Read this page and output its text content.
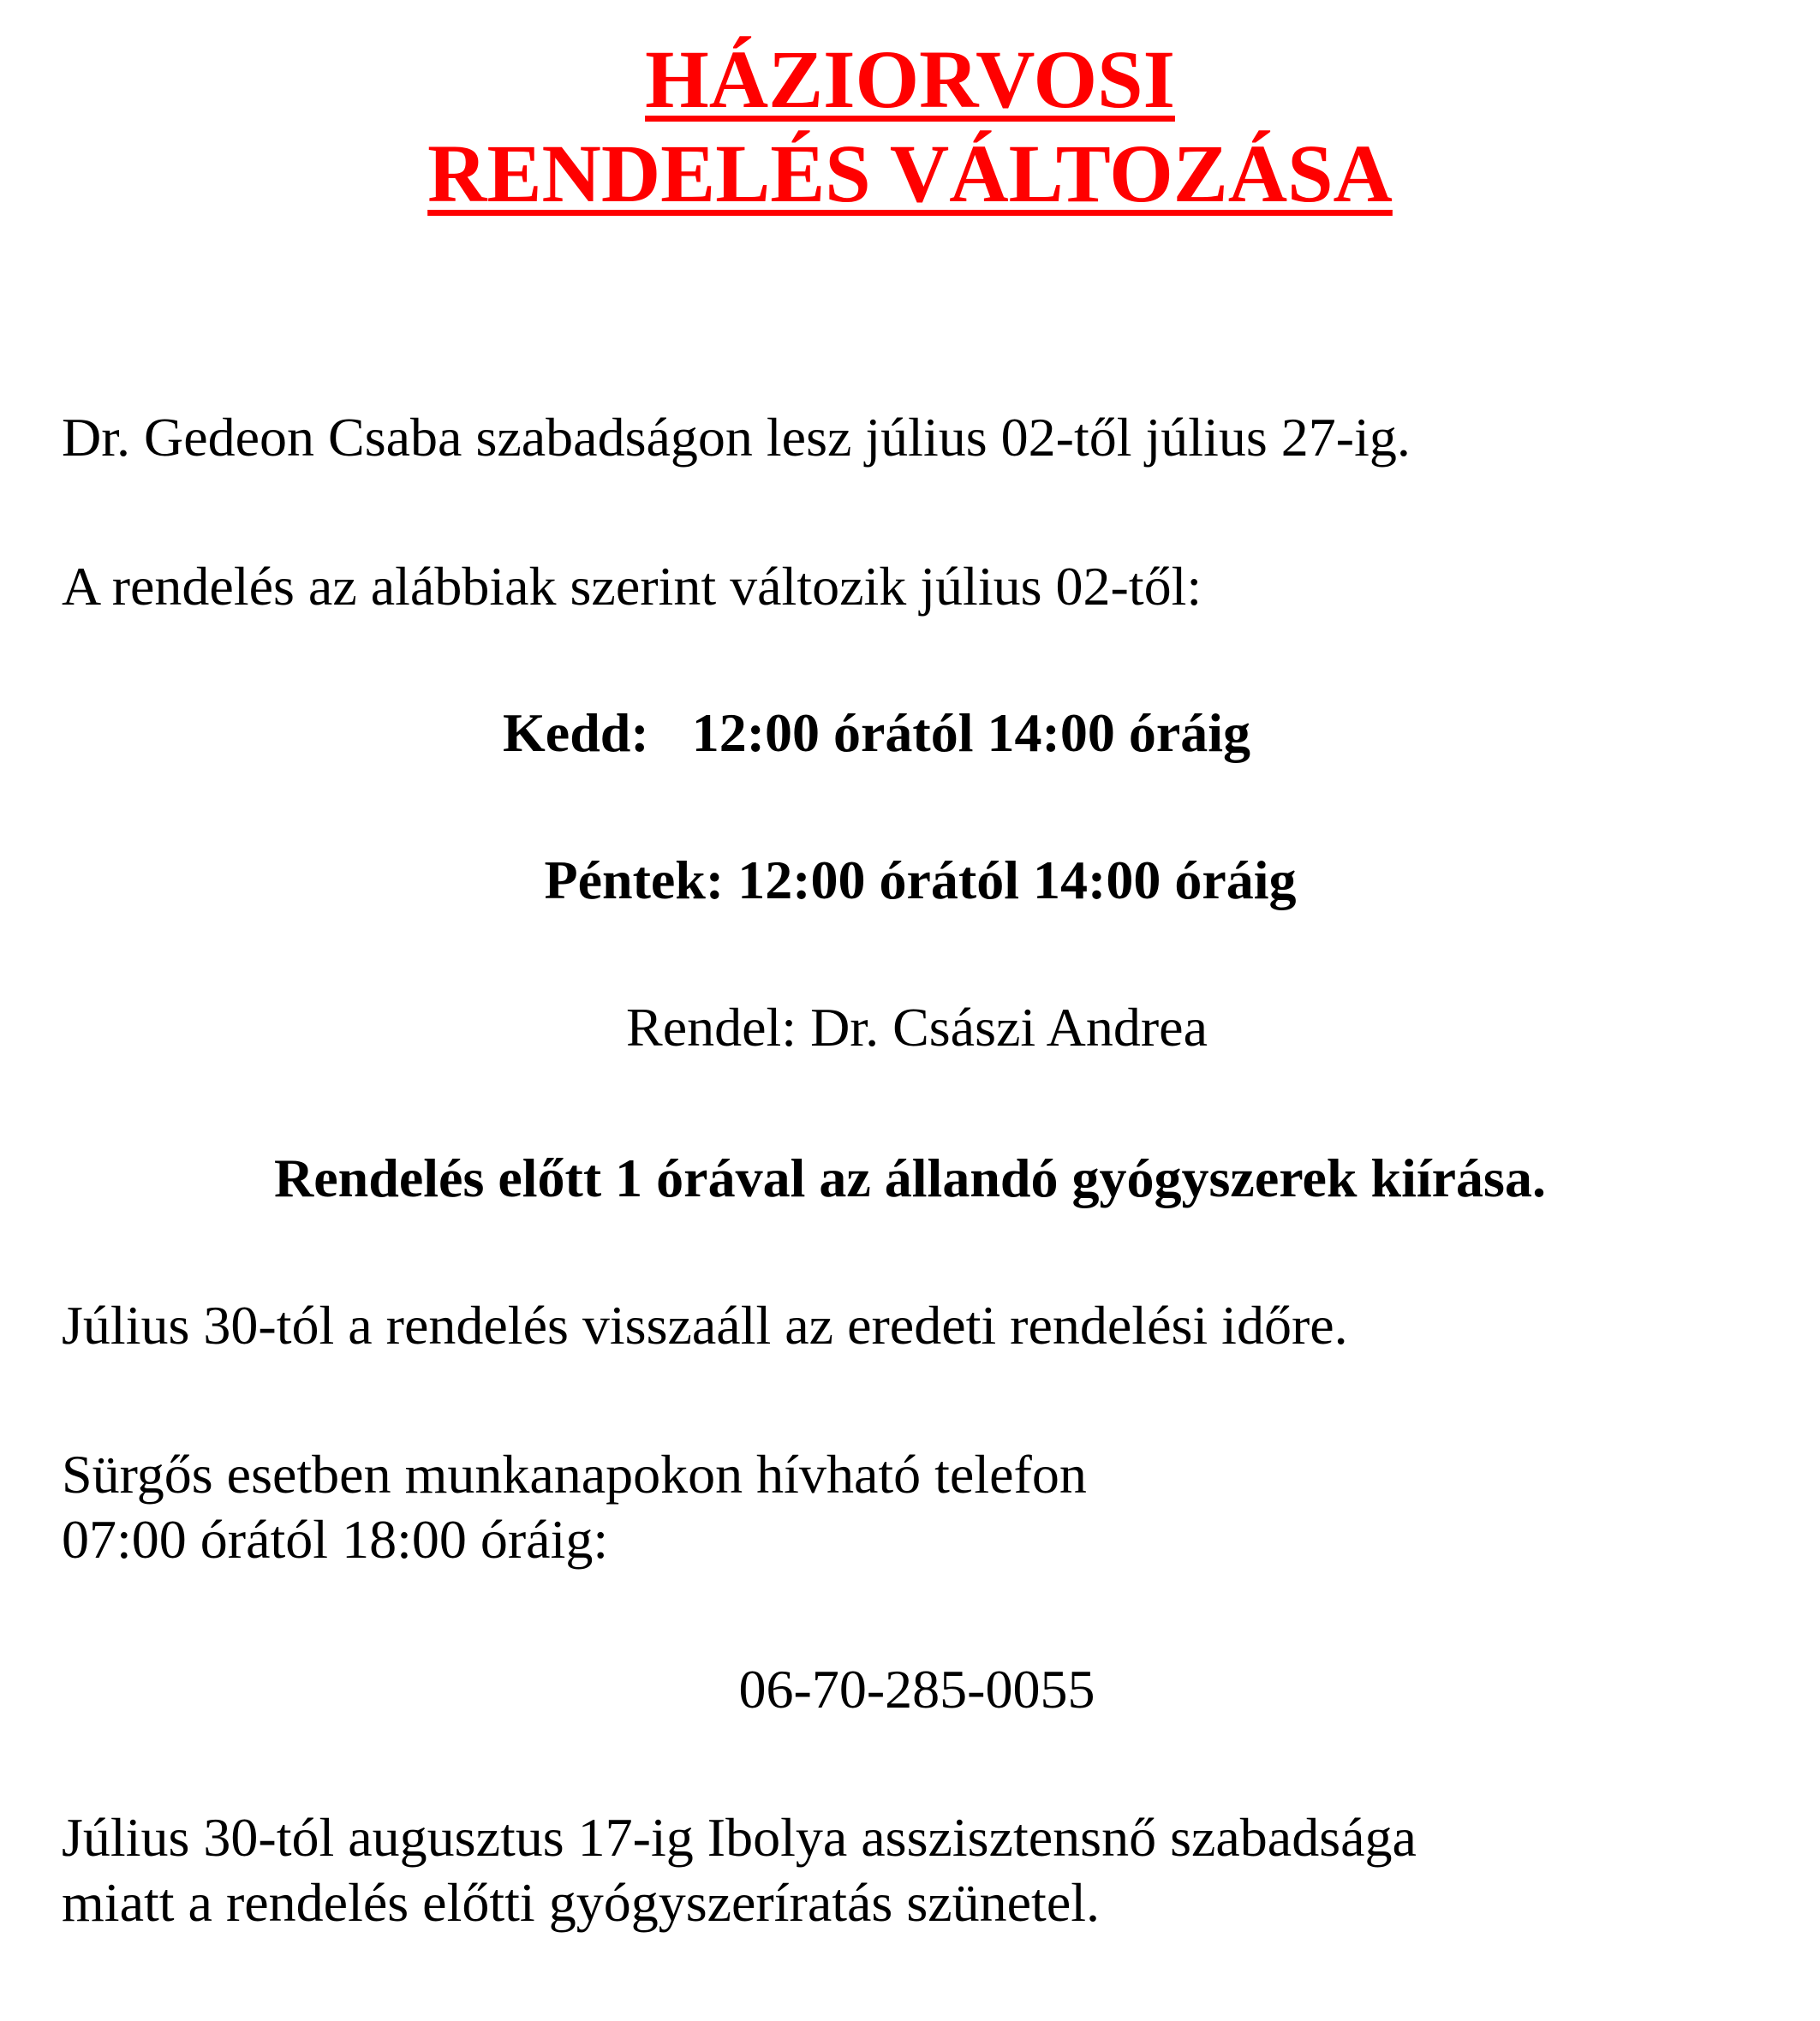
HÁZIORVOSI
RENDELÉS VÁLTOZÁSA
Dr. Gedeon Csaba szabadságon lesz július 02-től július 27-ig.
A rendelés az alábbiak szerint változik július 02-től:
Kedd: 12:00 órától 14:00 óráig
Péntek: 12:00 órától 14:00 óráig
Rendel: Dr. Császi Andrea
Rendelés előtt 1 órával az állandó gyógyszerek kiírása.
Július 30-tól a rendelés visszaáll az eredeti rendelési időre.
Sürgős esetben munkanapokon hívható telefon
07:00 órától 18:00 óráig:
06-70-285-0055
Július 30-tól augusztus 17-ig Ibolya asszisztensnő szabadsága
miatt a rendelés előtti gyógyszeríratás szünetel.
